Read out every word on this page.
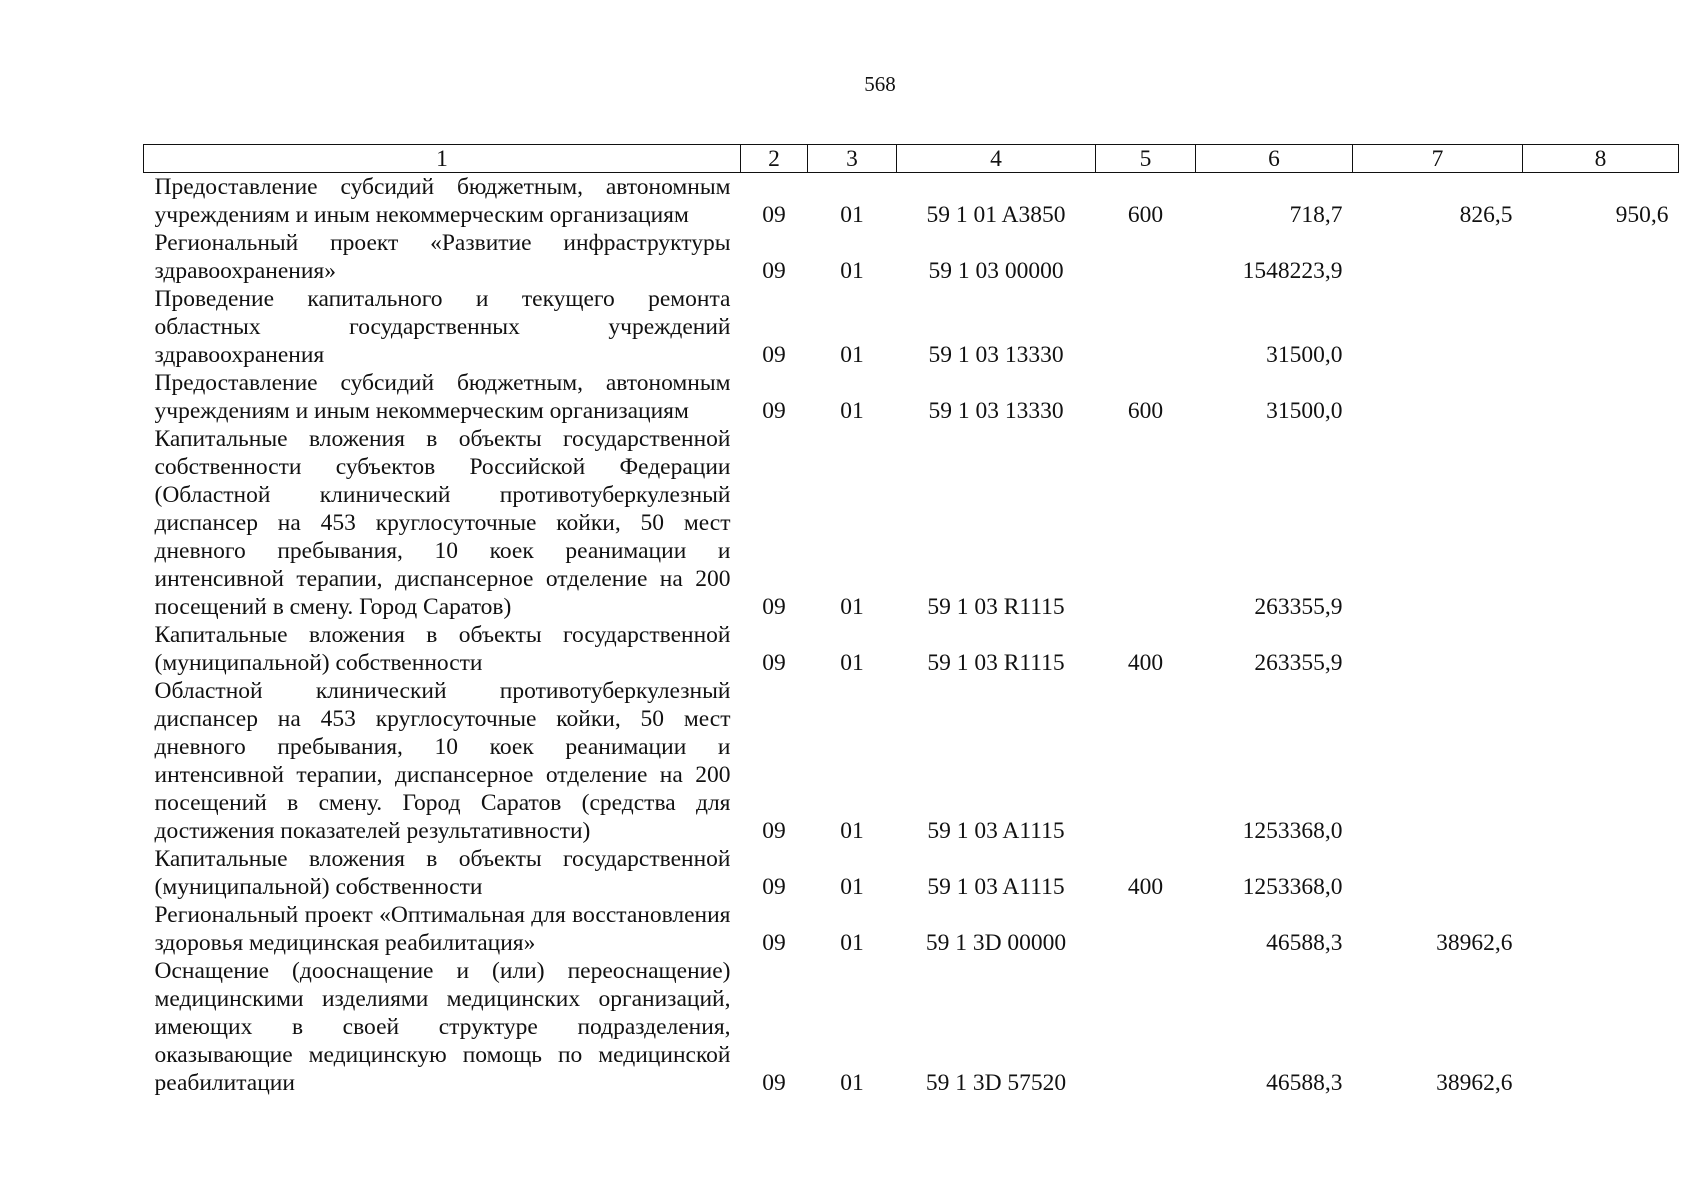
568
1	2	3	4	5	6	7	8
Предоставление субсидий бюджетным, автономным учреждениям и иным некоммерческим организациям	09	01	59 1 01 A3850	600	718,7	826,5	950,6
Региональный проект «Развитие инфраструктуры здравоохранения»	09	01	59 1 03 00000		1548223,9		
Проведение капитального и текущего ремонта областных государственных учреждений здравоохранения	09	01	59 1 03 13330		31500,0		
Предоставление субсидий бюджетным, автономным учреждениям и иным некоммерческим организациям	09	01	59 1 03 13330	600	31500,0		
Капитальные вложения в объекты государственной собственности субъектов Российской Федерации (Областной клинический противотуберкулезный диспансер на 453 круглосуточные койки, 50 мест дневного пребывания, 10 коек реанимации и интенсивной терапии, диспансерное отделение на 200 посещений в смену. Город Саратов)	09	01	59 1 03 R1115		263355,9		
Капитальные вложения в объекты государственной (муниципальной) собственности	09	01	59 1 03 R1115	400	263355,9		
Областной клинический противотуберкулезный диспансер на 453 круглосуточные койки, 50 мест дневного пребывания, 10 коек реанимации и интенсивной терапии, диспансерное отделение на 200 посещений в смену. Город Саратов (средства для достижения показателей результативности)	09	01	59 1 03 A1115		1253368,0		
Капитальные вложения в объекты государственной (муниципальной) собственности	09	01	59 1 03 A1115	400	1253368,0		
Региональный проект «Оптимальная для восстановления здоровья медицинская реабилитация»	09	01	59 1 3D 00000		46588,3	38962,6	
Оснащение (дооснащение и (или) переоснащение) медицинскими изделиями медицинских организаций, имеющих в своей структуре подразделения, оказывающие медицинскую помощь по медицинской реабилитации	09	01	59 1 3D 57520		46588,3	38962,6	
